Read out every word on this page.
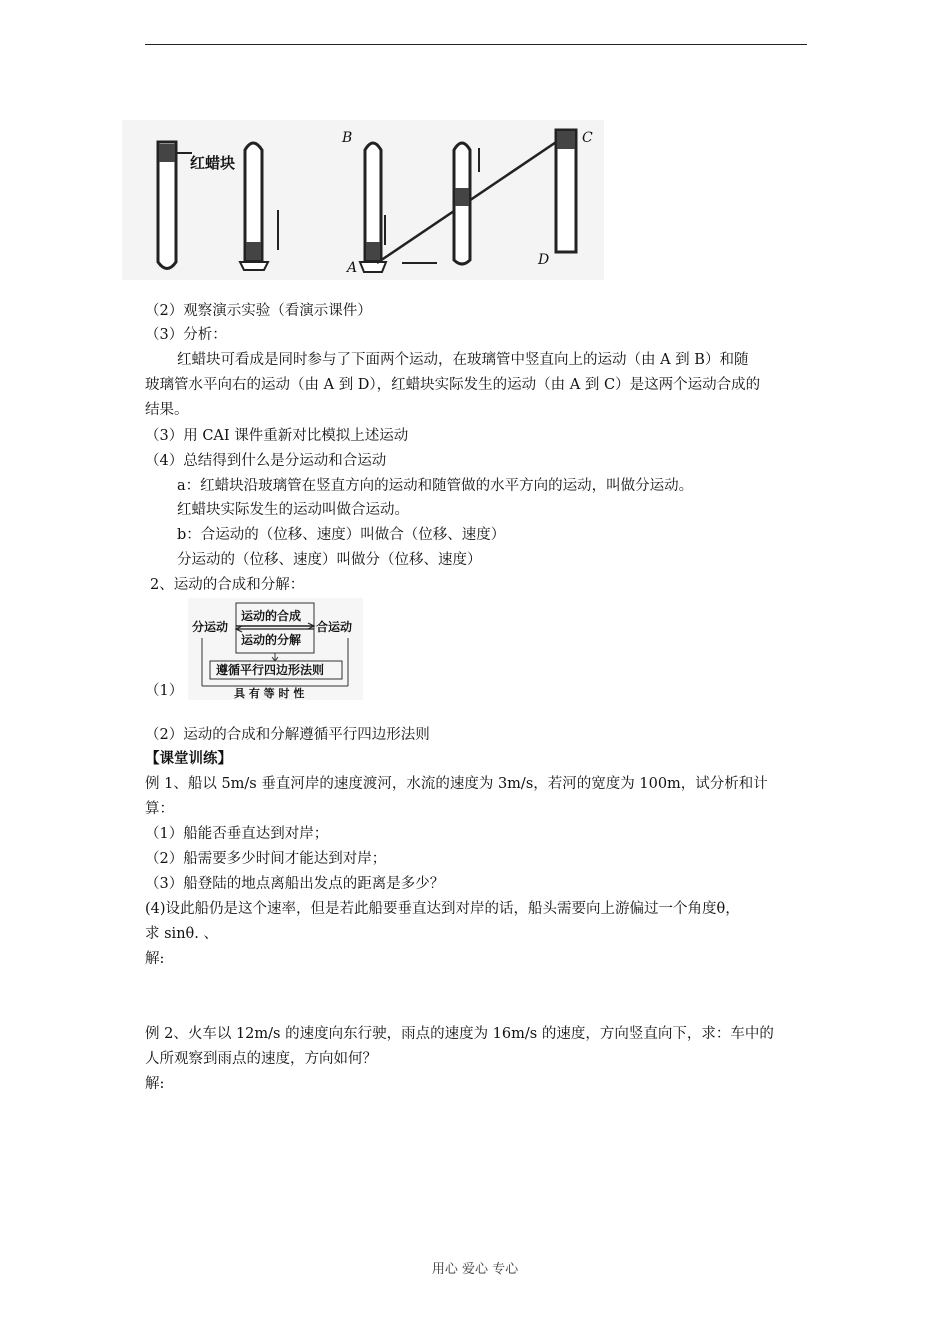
红蜡块
B
A
C
D
（2）观察演示实验（看演示课件）
（3）分析：
红蜡块可看成是同时参与了下面两个运动，在玻璃管中竖直向上的运动（由 A 到 B）和随
玻璃管水平向右的运动（由 A 到 D），红蜡块实际发生的运动（由 A 到 C）是这两个运动合成的
结果。
（3）用 CAI 课件重新对比模拟上述运动
（4）总结得到什么是分运动和合运动
a：红蜡块沿玻璃管在竖直方向的运动和随管做的水平方向的运动，叫做分运动。
红蜡块实际发生的运动叫做合运动。
b：合运动的（位移、速度）叫做合（位移、速度）
分运动的（位移、速度）叫做分（位移、速度）
2、运动的合成和分解：
分运动	合运动
运动的合成
运动的分解
遵循平行四边形法则
具 有 等 时 性
（1）
（2）运动的合成和分解遵循平行四边形法则
【课堂训练】
例 1、船以 5m/s 垂直河岸的速度渡河，水流的速度为 3m/s，若河的宽度为 100m，试分析和计
算：
（1）船能否垂直达到对岸；
（2）船需要多少时间才能达到对岸；
（3）船登陆的地点离船出发点的距离是多少？
(4)设此船仍是这个速率，但是若此船要垂直达到对岸的话，船头需要向上游偏过一个角度θ，
求 sinθ. 、
解:
例 2、火车以 12m/s 的速度向东行驶，雨点的速度为 16m/s 的速度，方向竖直向下，求：车中的
人所观察到雨点的速度，方向如何？
解:
用心 爱心 专心
